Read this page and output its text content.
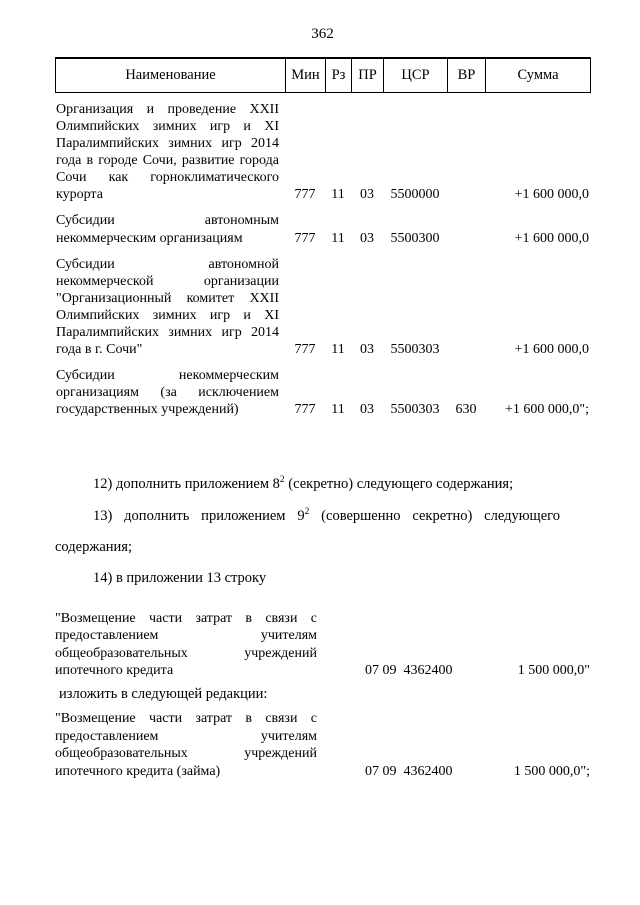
362
Наименование	Мин	Рз	ПР	ЦСР	ВР	Сумма
Организация и проведение XXII Олимпийских зимних игр и XI Паралимпийских зимних игр 2014 года в городе Сочи, развитие города Сочи как горноклиматического курорта	777	11	03	5500000		+1 600 000,0
Субсидии автономным некоммерческим организациям	777	11	03	5500300		+1 600 000,0
Субсидии автономной некоммерческой организации "Организационный комитет XXII Олимпийских зимних игр и XI Паралимпийских зимних игр 2014 года в г. Сочи"	777	11	03	5500303		+1 600 000,0
Субсидии некоммерческим организациям (за исключением государственных учреждений)	777	11	03	5500303	630	+1 600 000,0";

12) дополнить приложением $8^2$ (секретно) следующего содержания;

13) дополнить приложением $9^2$ (совершенно секретно) следующего содержания;

14) в приложении 13 строку

"Возмещение части затрат в связи с предоставлением учителям общеобразовательных учреждений ипотечного кредита	07 09  4362400	1 500 000,0"
изложить в следующей редакции:
"Возмещение части затрат в связи с предоставлением учителям общеобразовательных учреждений ипотечного кредита (займа)	07 09  4362400	1 500 000,0";
